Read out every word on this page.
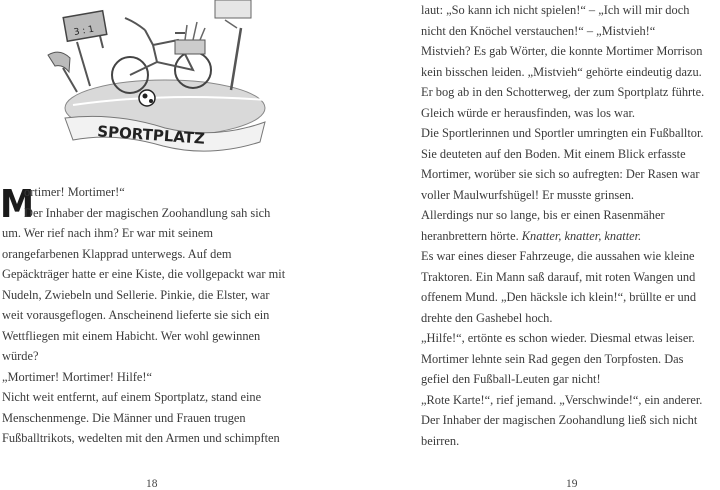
SPORTPLATZ
3 : 1
M
ortimer! Mortimer!“
Der Inhaber der magischen Zoohandlung sah sich
um. Wer rief nach ihm? Er war mit seinem
orangefarbenen Klapprad unterwegs. Auf dem
Gepäckträger hatte er eine Kiste, die vollgepackt war mit
Nudeln, Zwiebeln und Sellerie. Pinkie, die Elster, war
weit vorausgeflogen. Anscheinend lieferte sie sich ein
Wettfliegen mit einem Habicht. Wer wohl gewinnen
würde?
„Mortimer! Mortimer! Hilfe!“
Nicht weit entfernt, auf einem Sportplatz, stand eine
Menschenmenge. Die Männer und Frauen trugen
Fußballtrikots, wedelten mit den Armen und schimpften
18
laut: „So kann ich nicht spielen!“ – „Ich will mir doch
nicht den Knöchel verstauchen!“ – „Mistvieh!“
Mistvieh? Es gab Wörter, die konnte Mortimer Morrison
kein bisschen leiden. „Mistvieh“ gehörte eindeutig dazu.
Er bog ab in den Schotterweg, der zum Sportplatz führte.
Gleich würde er herausfinden, was los war.
Die Sportlerinnen und Sportler umringten ein Fußballtor.
Sie deuteten auf den Boden. Mit einem Blick erfasste
Mortimer, worüber sie sich so aufregten: Der Rasen war
voller Maulwurfshügel! Er musste grinsen.
Allerdings nur so lange, bis er einen Rasenmäher
heranbrettern hörte. Knatter, knatter, knatter.
Es war eines dieser Fahrzeuge, die aussahen wie kleine
Traktoren. Ein Mann saß darauf, mit roten Wangen und
offenem Mund. „Den häcksle ich klein!“, brüllte er und
drehte den Gashebel hoch.
„Hilfe!“, ertönte es schon wieder. Diesmal etwas leiser.
Mortimer lehnte sein Rad gegen den Torpfosten. Das
gefiel den Fußball-Leuten gar nicht!
„Rote Karte!“, rief jemand. „Verschwinde!“, ein anderer.
Der Inhaber der magischen Zoohandlung ließ sich nicht
beirren.
19
